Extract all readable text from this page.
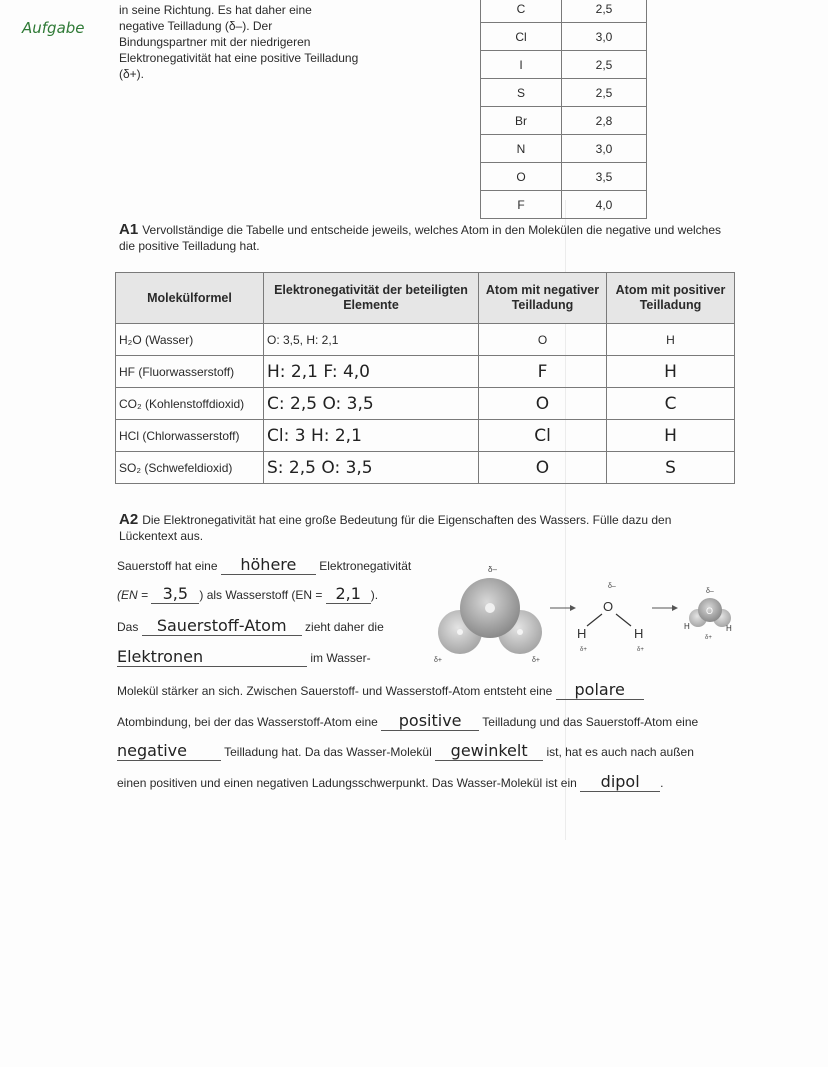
Aufgabe
in seine Richtung. Es hat daher eine negative Teilladung (δ–). Der Bindungspartner mit der niedrigeren Elektronegativität hat eine positive Teilladung (δ+).
C	2,5
Cl	3,0
I	2,5
S	2,5
Br	2,8
N	3,0
O	3,5
F	4,0
A1 Vervollständige die Tabelle und entscheide jeweils, welches Atom in den Molekülen die negative und welches die positive Teilladung hat.
Molekülformel	Elektronegativität der beteiligten Elemente	Atom mit negativer Teilladung	Atom mit positiver Teilladung
H₂O (Wasser)	O: 3,5, H: 2,1	O	H
HF (Fluorwasserstoff)	H: 2,1 F: 4,0	F	H
CO₂ (Kohlenstoffdioxid)	C: 2,5 O: 3,5	O	C
HCl (Chlorwasserstoff)	Cl: 3 H: 2,1	Cl	H
SO₂ (Schwefeldioxid)	S: 2,5 O: 3,5	O	S
A2 Die Elektronegativität hat eine große Bedeutung für die Eigenschaften des Wassers. Fülle dazu den Lückentext aus.
Sauerstoff hat eine höhere Elektronegativität
(EN = 3,5 ) als Wasserstoff (EN = 2,1 ).
Das Sauerstoff-Atom zieht daher die
Elektronen	im Wasser-
Molekül stärker an sich. Zwischen Sauerstoff- und Wasserstoff-Atom entsteht eine polare
Atombindung, bei der das Wasserstoff-Atom eine positive Teilladung und das Sauerstoff-Atom eine
negative	Teilladung hat. Da das Wasser-Molekül gewinkelt ist, hat es auch nach außen
einen positiven und einen negativen Ladungsschwerpunkt. Das Wasser-Molekül ist ein dipol .
δ–
δ+	δ+
δ–
O
H	H
δ+	δ+
δ–
O
H	H
δ+
